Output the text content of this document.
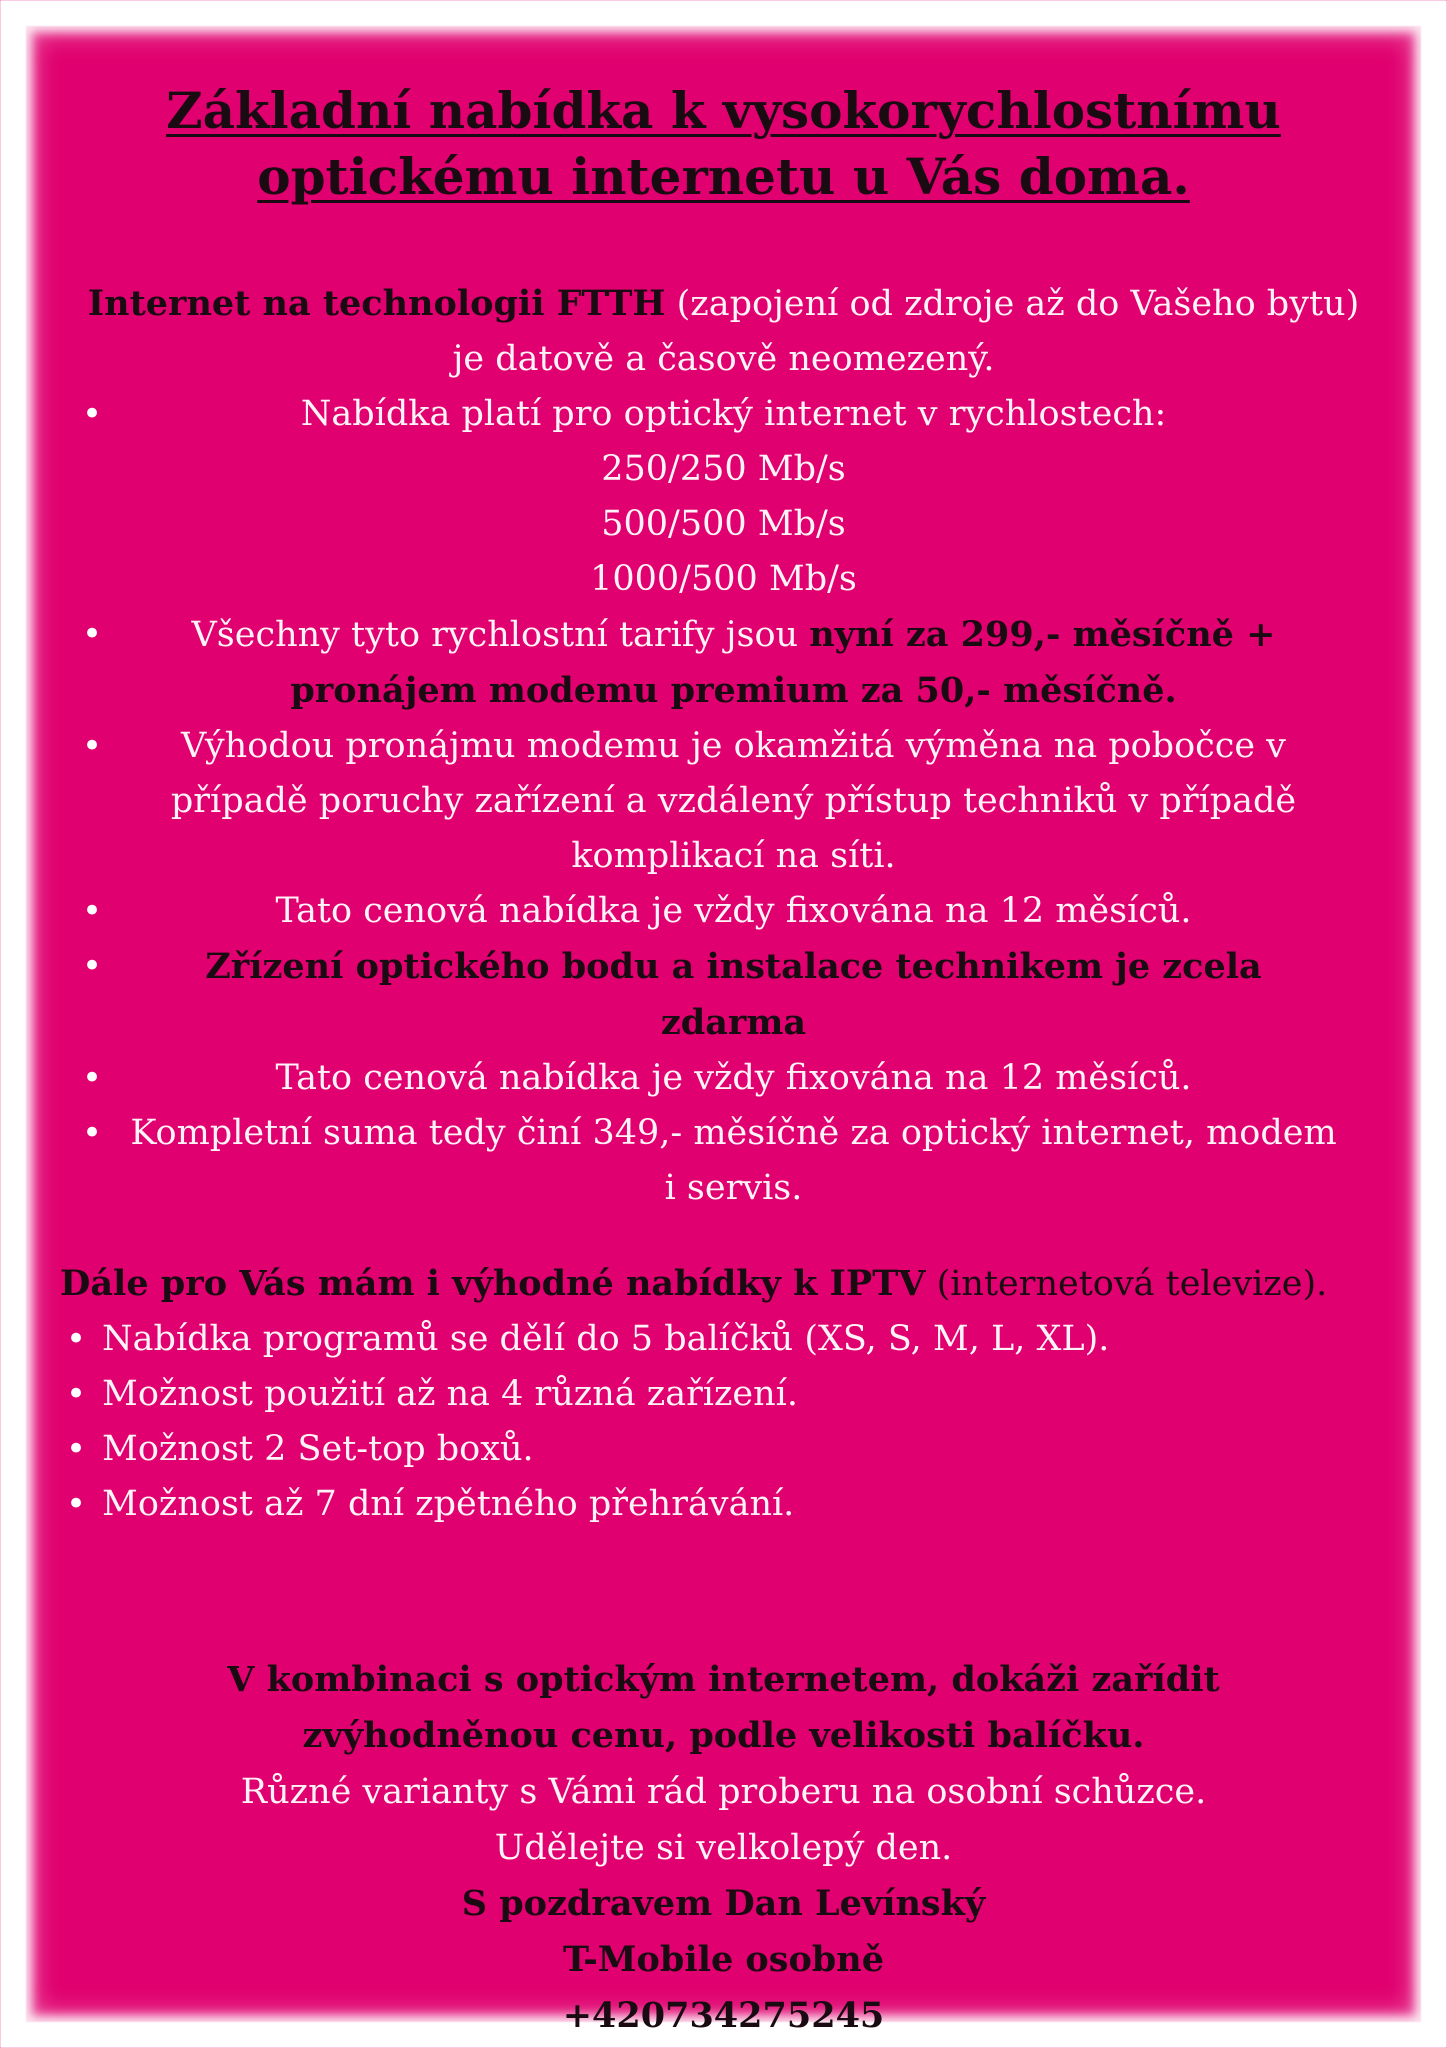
Základní nabídka k vysokorychlostnímu
optickému internetu u Vás doma.

Internet na technologii FTTH (zapojení od zdroje až do Vašeho bytu) je datově a časově neomezený.

• Nabídka platí pro optický internet v rychlostech:
250/250 Mb/s
500/500 Mb/s
1000/500 Mb/s
• Všechny tyto rychlostní tarify jsou nyní za 299,- měsíčně + pronájem modemu premium za 50,- měsíčně.
• Výhodou pronájmu modemu je okamžitá výměna na pobočce v případě poruchy zařízení a vzdálený přístup techniků v případě komplikací na síti.
• Tato cenová nabídka je vždy fixována na 12 měsíců.
• Zřízení optického bodu a instalace technikem je zcela zdarma
• Tato cenová nabídka je vždy fixována na 12 měsíců.
• Kompletní suma tedy činí 349,- měsíčně za optický internet, modem i servis.

Dále pro Vás mám i výhodné nabídky k IPTV (internetová televize).

• Nabídka programů se dělí do 5 balíčků (XS, S, M, L, XL).
• Možnost použití až na 4 různá zařízení.
• Možnost 2 Set-top boxů.
• Možnost až 7 dní zpětného přehrávání.

V kombinaci s optickým internetem, dokáži zařídit zvýhodněnou cenu, podle velikosti balíčku.

Různé varianty s Vámi rád proberu na osobní schůzce.

Udělejte si velkolepý den.

S pozdravem Dan Levínský

T-Mobile osobně

+420734275245
